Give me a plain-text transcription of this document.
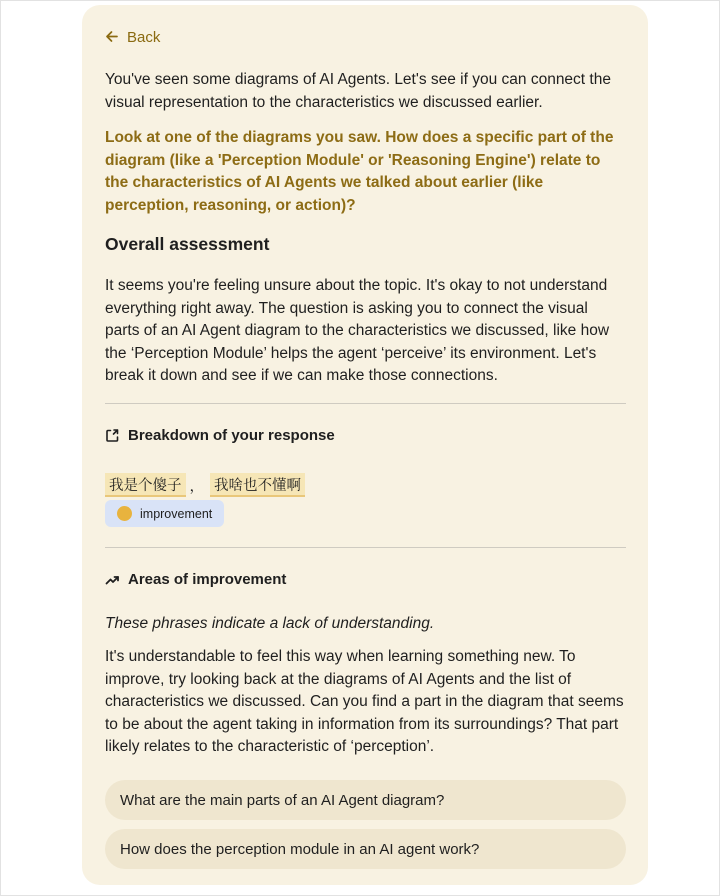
Back
You've seen some diagrams of AI Agents. Let's see if you can connect the visual representation to the characteristics we discussed earlier.
Look at one of the diagrams you saw. How does a specific part of the diagram (like a 'Perception Module' or 'Reasoning Engine') relate to the characteristics of AI Agents we talked about earlier (like perception, reasoning, or action)?
Overall assessment
It seems you're feeling unsure about the topic. It's okay to not understand everything right away. The question is asking you to connect the visual parts of an AI Agent diagram to the characteristics we discussed, like how the ‘Perception Module’ helps the agent ‘perceive’ its environment. Let's break it down and see if we can make those connections.
Breakdown of your response
我是个傻子 ， 我啥也不懂啊
improvement
Areas of improvement
These phrases indicate a lack of understanding.
It's understandable to feel this way when learning something new. To improve, try looking back at the diagrams of AI Agents and the list of characteristics we discussed. Can you find a part in the diagram that seems to be about the agent taking in information from its surroundings? That part likely relates to the characteristic of ‘perception’.
What are the main parts of an AI Agent diagram?
How does the perception module in an AI agent work?
